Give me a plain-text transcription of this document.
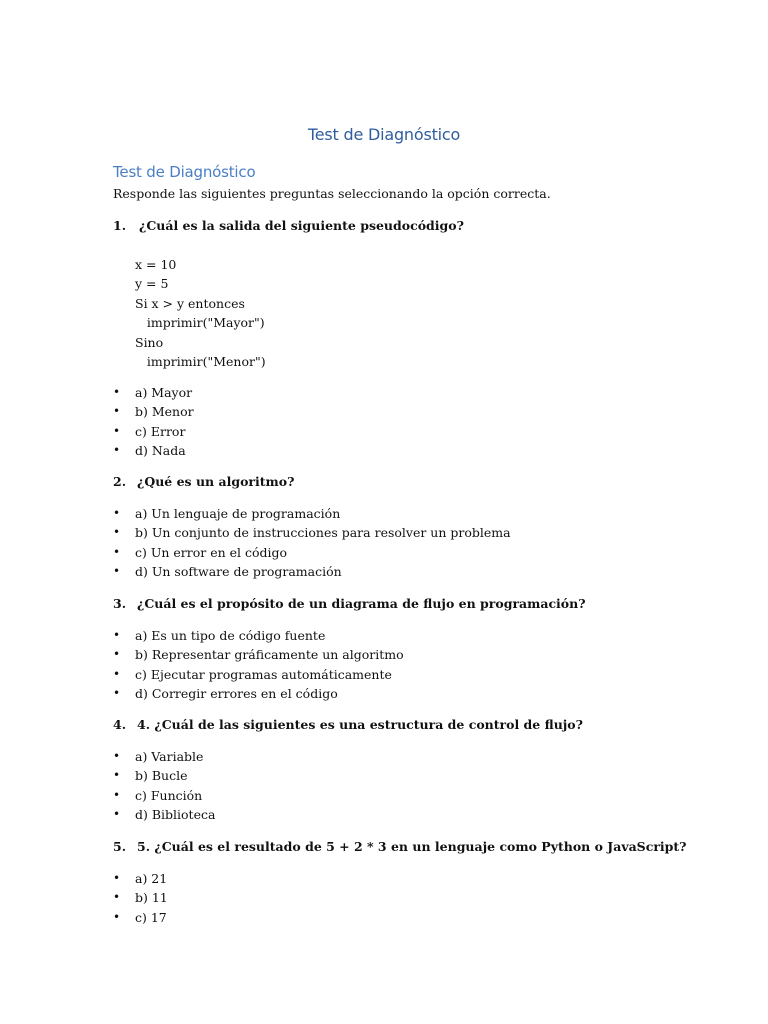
Test de Diagnóstico
Test de Diagnóstico
Responde las siguientes preguntas seleccionando la opción correcta.
1. ¿Cuál es la salida del siguiente pseudocódigo?
x = 10
y = 5
Si x > y entonces
imprimir("Mayor")
Sino
imprimir("Menor")
• a) Mayor
• b) Menor
• c) Error
• d) Nada
2. ¿Qué es un algoritmo?
• a) Un lenguaje de programación
• b) Un conjunto de instrucciones para resolver un problema
• c) Un error en el código
• d) Un software de programación
3. ¿Cuál es el propósito de un diagrama de flujo en programación?
• a) Es un tipo de código fuente
• b) Representar gráficamente un algoritmo
• c) Ejecutar programas automáticamente
• d) Corregir errores en el código
4. 4. ¿Cuál de las siguientes es una estructura de control de flujo?
• a) Variable
• b) Bucle
• c) Función
• d) Biblioteca
5. 5. ¿Cuál es el resultado de 5 + 2 * 3 en un lenguaje como Python o JavaScript?
• a) 21
• b) 11
• c) 17
